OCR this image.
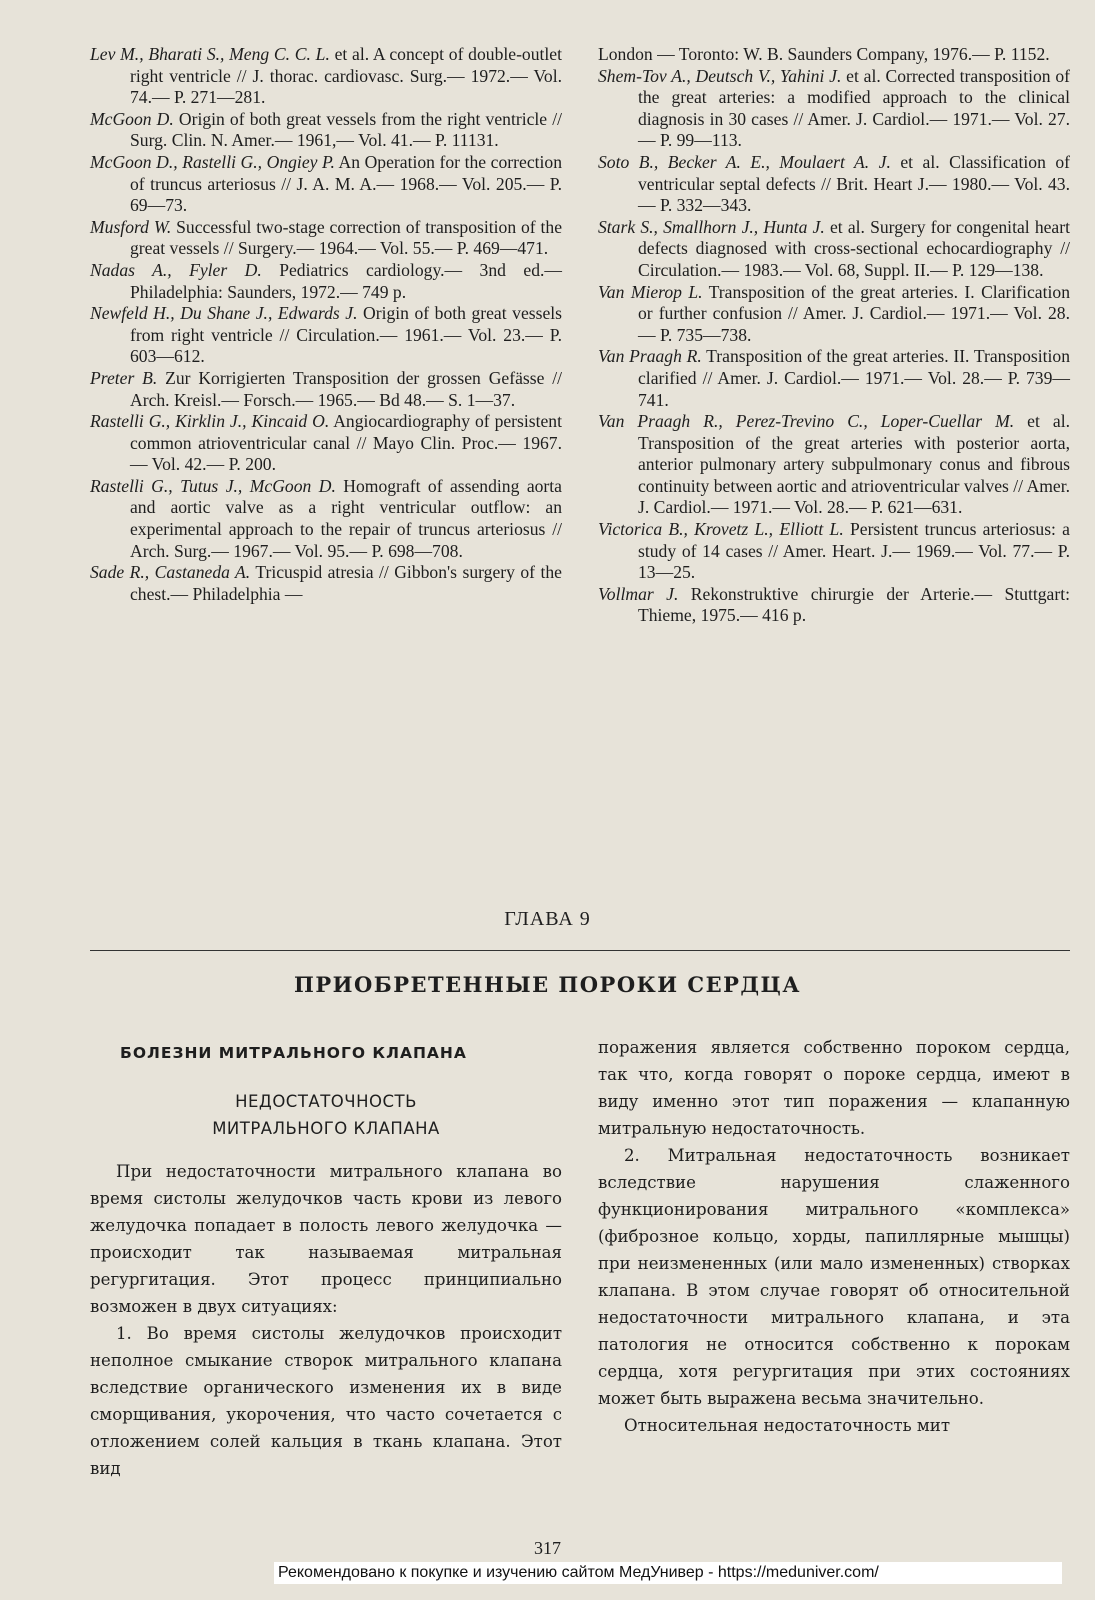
Lev M., Bharati S., Meng C. C. L. et al. A concept of double-outlet right ventricle // J. thorac. cardiovasc. Surg.— 1972.— Vol. 74.— P. 271—281.

McGoon D. Origin of both great vessels from the right ventricle // Surg. Clin. N. Amer.— 1961,— Vol. 41.— P. 11131.

McGoon D., Rastelli G., Ongiey P. An Operation for the correction of truncus arteriosus // J. A. M. A.— 1968.— Vol. 205.— P. 69—73.

Musford W. Successful two-stage correction of transposition of the great vessels // Surgery.— 1964.— Vol. 55.— P. 469—471.

Nadas A., Fyler D. Pediatrics cardiology.— 3nd ed.— Philadelphia: Saunders, 1972.— 749 p.

Newfeld H., Du Shane J., Edwards J. Origin of both great vessels from right ventricle // Circulation.— 1961.— Vol. 23.— P. 603—612.

Preter B. Zur Korrigierten Transposition der grossen Gefässe // Arch. Kreisl.— Forsch.— 1965.— Bd 48.— S. 1—37.

Rastelli G., Kirklin J., Kincaid O. Angiocardiography of persistent common atrioventricular canal // Mayo Clin. Proc.— 1967.— Vol. 42.— P. 200.

Rastelli G., Tutus J., McGoon D. Homograft of assending aorta and aortic valve as a right ventricular outflow: an experimental approach to the repair of truncus arteriosus // Arch. Surg.— 1967.— Vol. 95.— P. 698—708.

Sade R., Castaneda A. Tricuspid atresia // Gibbon's surgery of the chest.— Philadelphia —

London — Toronto: W. B. Saunders Company, 1976.— P. 1152.

Shem-Tov A., Deutsch V., Yahini J. et al. Corrected transposition of the great arteries: a modified approach to the clinical diagnosis in 30 cases // Amer. J. Cardiol.— 1971.— Vol. 27.— P. 99—113.

Soto B., Becker A. E., Moulaert A. J. et al. Classification of ventricular septal defects // Brit. Heart J.— 1980.— Vol. 43.— P. 332—343.

Stark S., Smallhorn J., Hunta J. et al. Surgery for congenital heart defects diagnosed with cross-sectional echocardiography // Circulation.— 1983.— Vol. 68, Suppl. II.— P. 129—138.

Van Mierop L. Transposition of the great arteries. I. Clarification or further confusion // Amer. J. Cardiol.— 1971.— Vol. 28.— P. 735—738.

Van Praagh R. Transposition of the great arteries. II. Transposition clarified // Amer. J. Cardiol.— 1971.— Vol. 28.— P. 739—741.

Van Praagh R., Perez-Trevino C., Loper-Cuellar M. et al. Transposition of the great arteries with posterior aorta, anterior pulmonary artery subpulmonary conus and fibrous continuity between aortic and atrioventricular valves // Amer. J. Cardiol.— 1971.— Vol. 28.— P. 621—631.

Victorica B., Krovetz L., Elliott L. Persistent truncus arteriosus: a study of 14 cases // Amer. Heart. J.— 1969.— Vol. 77.— P. 13—25.

Vollmar J. Rekonstruktive chirurgie der Arterie.— Stuttgart: Thieme, 1975.— 416 p.

ГЛАВА 9
ПРИОБРЕТЕННЫЕ ПОРОКИ СЕРДЦА
БОЛЕЗНИ МИТРАЛЬНОГО КЛАПАНА
НЕДОСТАТОЧНОСТЬ
МИТРАЛЬНОГО КЛАПАНА

При недостаточности митрального клапана во время систолы желудочков часть крови из левого желудочка попадает в полость левого желудочка — происходит так называемая митральная регургитация. Этот процесс принципиально возможен в двух ситуациях:

1. Во время систолы желудочков происходит неполное смыкание створок митрального клапана вследствие органического изменения их в виде сморщивания, укорочения, что часто сочетается с отложением солей кальция в ткань клапана. Этот вид

поражения является собственно пороком сердца, так что, когда говорят о пороке сердца, имеют в виду именно этот тип поражения — клапанную митральную недостаточность.

2. Митральная недостаточность возникает вследствие нарушения слаженного функционирования митрального «комплекса» (фиброзное кольцо, хорды, папиллярные мышцы) при неизмененных (или мало измененных) створках клапана. В этом случае говорят об относительной недостаточности митрального клапана, и эта патология не относится собственно к порокам сердца, хотя регургитация при этих состояниях может быть выражена весьма значительно.

Относительная недостаточность мит

317
Рекомендовано к покупке и изучению сайтом МедУнивер - https://meduniver.com/
